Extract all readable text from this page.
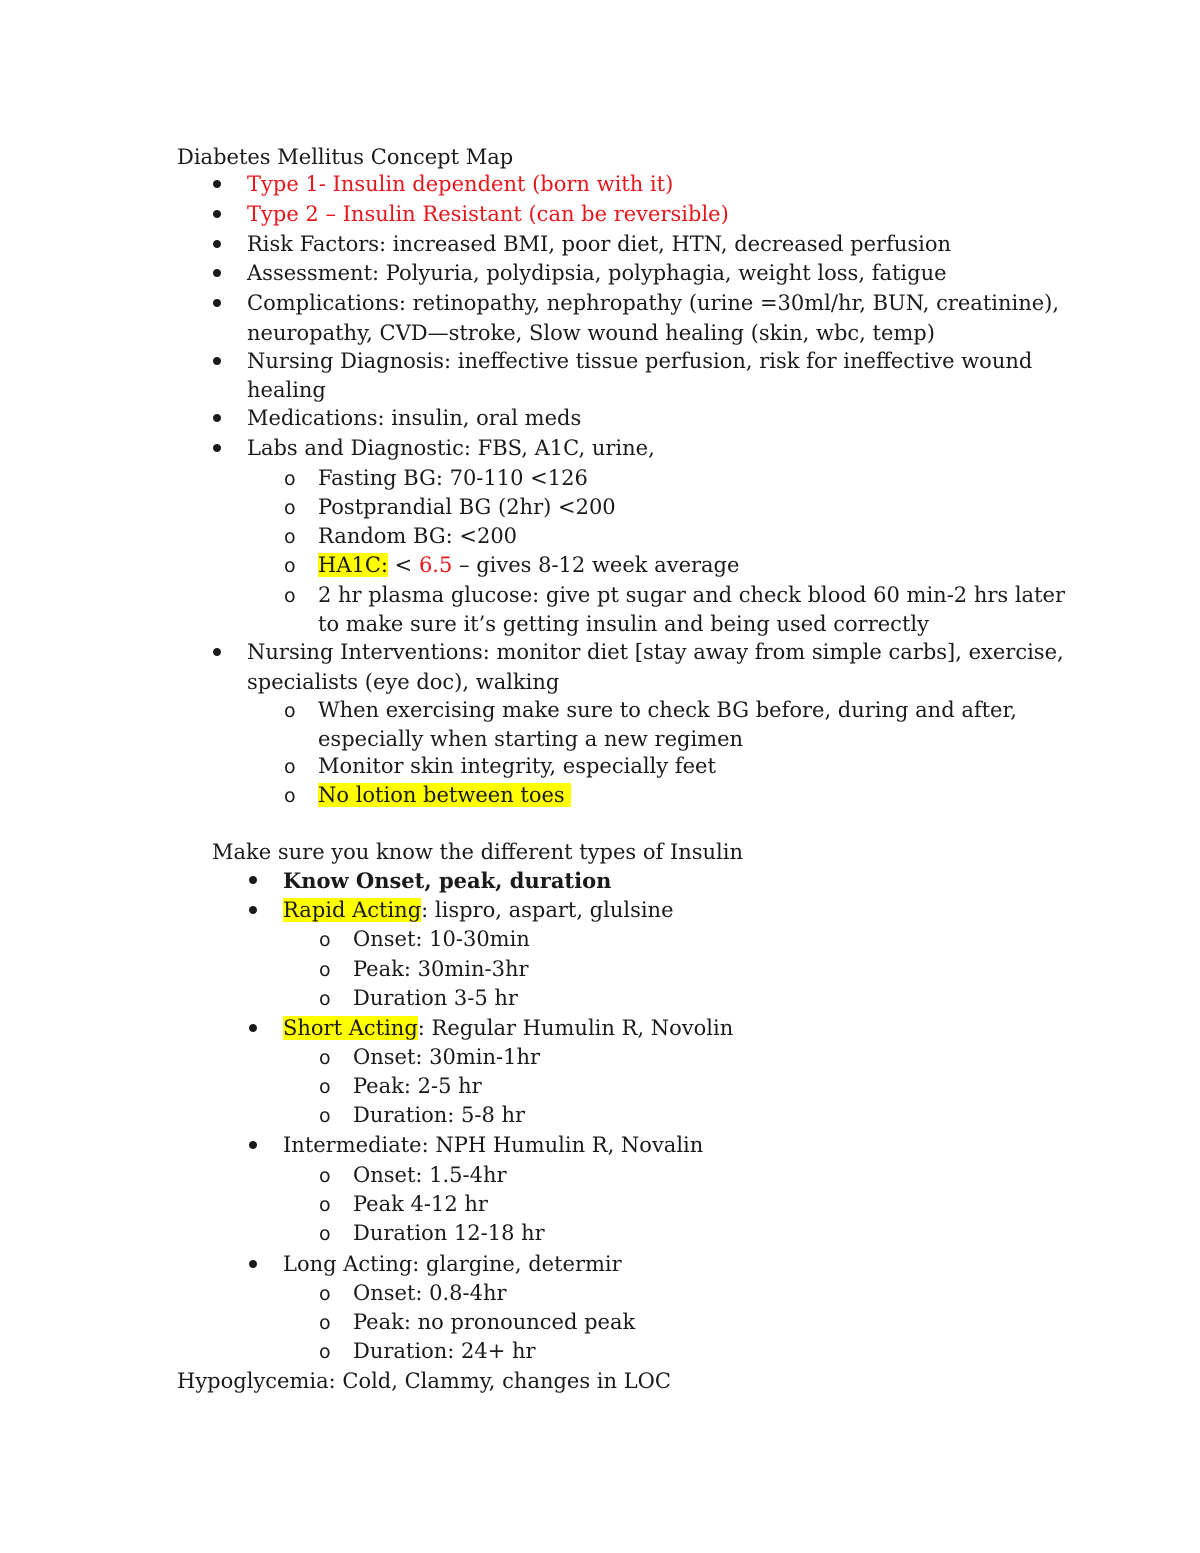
Diabetes Mellitus Concept Map
Type 1- Insulin dependent (born with it)
Type 2 – Insulin Resistant (can be reversible)
Risk Factors: increased BMI, poor diet, HTN, decreased perfusion
Assessment: Polyuria, polydipsia, polyphagia, weight loss, fatigue
Complications: retinopathy, nephropathy (urine =30ml/hr, BUN, creatinine),
neuropathy, CVD—stroke, Slow wound healing (skin, wbc, temp)
Nursing Diagnosis: ineffective tissue perfusion, risk for ineffective wound
healing
Medications: insulin, oral meds
Labs and Diagnostic: FBS, A1C, urine,
o Fasting BG: 70-110 <126
o Postprandial BG (2hr) <200
o Random BG: <200
o HA1C: < 6.5 – gives 8-12 week average
o 2 hr plasma glucose: give pt sugar and check blood 60 min-2 hrs later
to make sure it’s getting insulin and being used correctly
Nursing Interventions: monitor diet [stay away from simple carbs], exercise,
specialists (eye doc), walking
o When exercising make sure to check BG before, during and after,
especially when starting a new regimen
o Monitor skin integrity, especially feet
o No lotion between toes
Make sure you know the different types of Insulin
Know Onset, peak, duration
Rapid Acting: lispro, aspart, glulsine
o Onset: 10-30min
o Peak: 30min-3hr
o Duration 3-5 hr
Short Acting: Regular Humulin R, Novolin
o Onset: 30min-1hr
o Peak: 2-5 hr
o Duration: 5-8 hr
Intermediate: NPH Humulin R, Novalin
o Onset: 1.5-4hr
o Peak 4-12 hr
o Duration 12-18 hr
Long Acting: glargine, determir
o Onset: 0.8-4hr
o Peak: no pronounced peak
o Duration: 24+ hr
Hypoglycemia: Cold, Clammy, changes in LOC
